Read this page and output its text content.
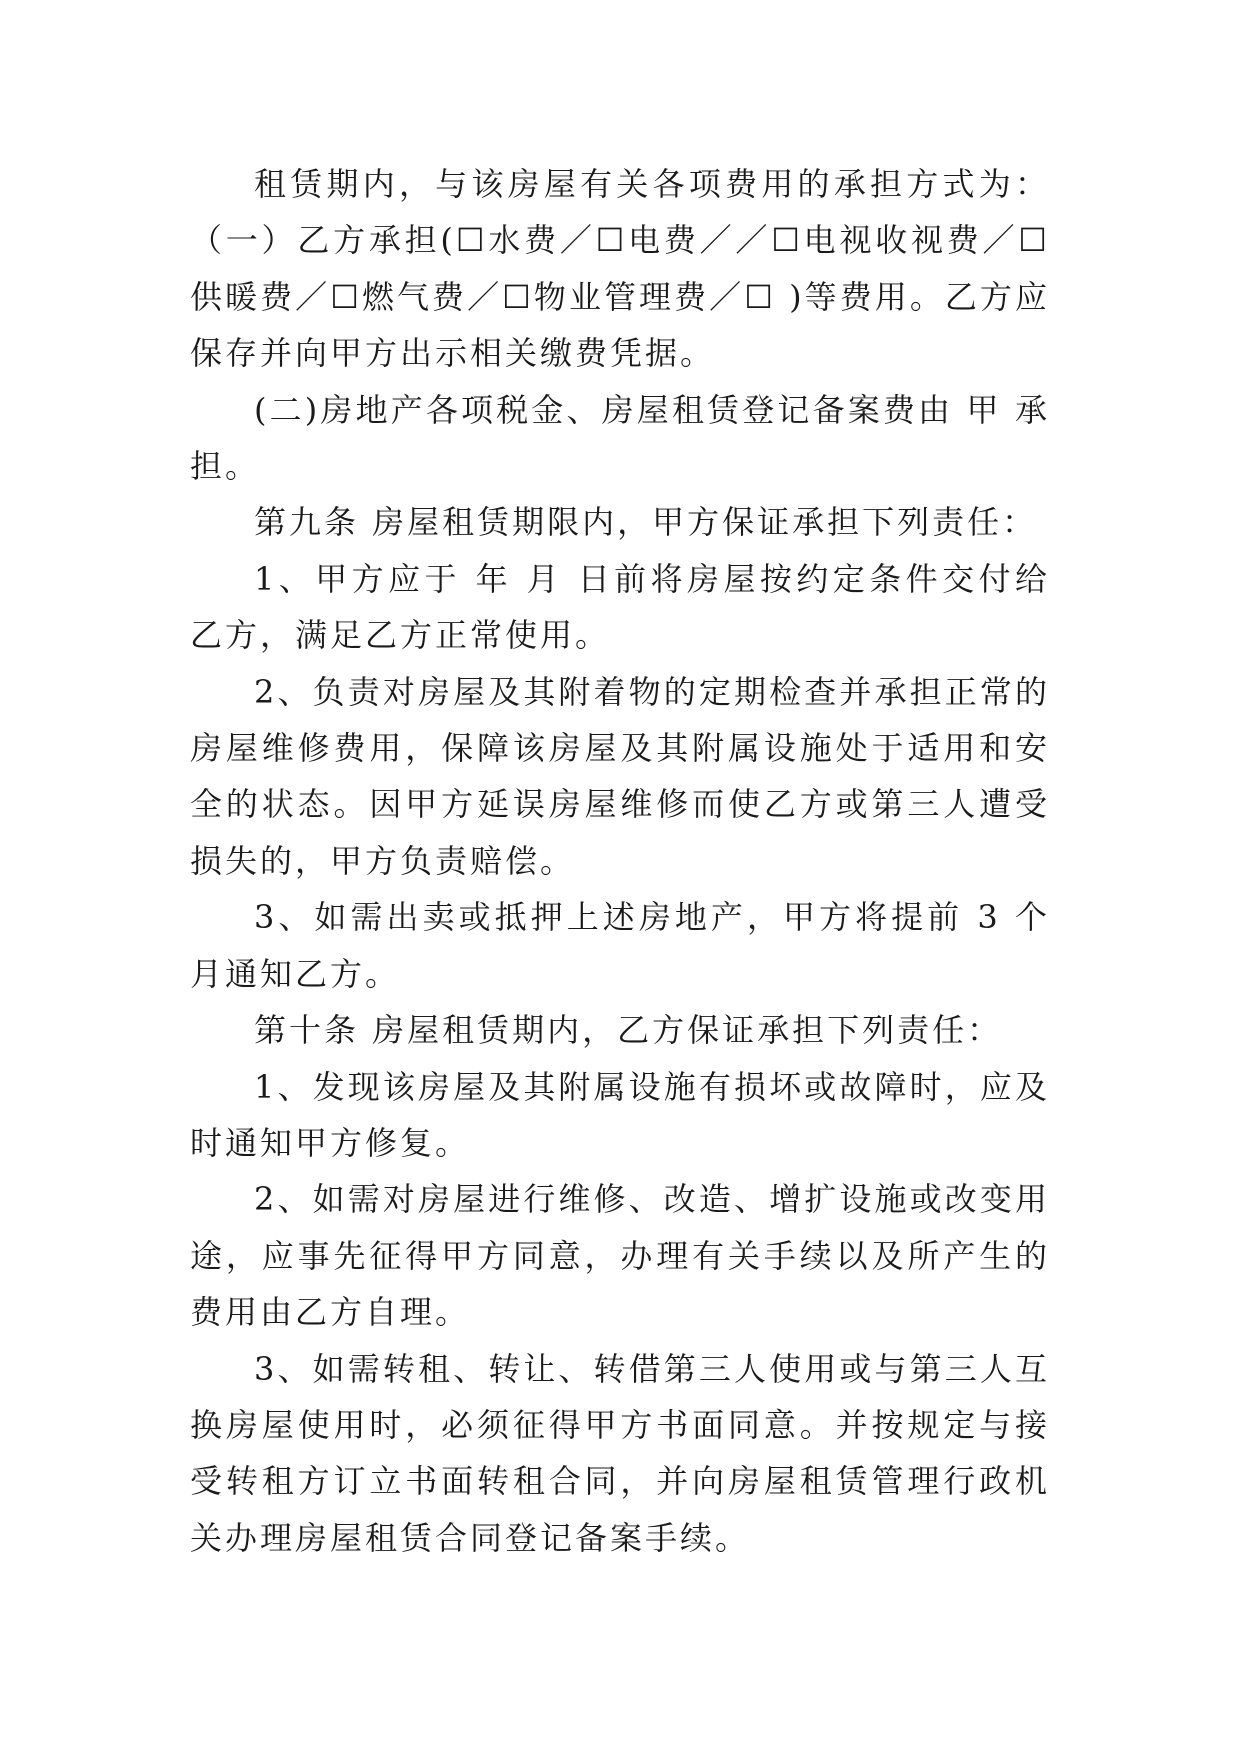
租赁期内，与该房屋有关各项费用的承担方式为：（一）乙方承担(☐水费／☐电费／／☐电视收视费／☐供暖费／☐燃气费／☐物业管理费／☐ )等费用。乙方应保存并向甲方出示相关缴费凭据。

(二)房地产各项税金、房屋租赁登记备案费由 甲 承担。

第九条 房屋租赁期限内，甲方保证承担下列责任：

1、甲方应于 年 月 日前将房屋按约定条件交付给乙方，满足乙方正常使用。

2、负责对房屋及其附着物的定期检查并承担正常的房屋维修费用，保障该房屋及其附属设施处于适用和安全的状态。因甲方延误房屋维修而使乙方或第三人遭受损失的，甲方负责赔偿。

3、如需出卖或抵押上述房地产，甲方将提前 3 个月通知乙方。

第十条 房屋租赁期内，乙方保证承担下列责任：

1、发现该房屋及其附属设施有损坏或故障时，应及时通知甲方修复。

2、如需对房屋进行维修、改造、增扩设施或改变用途，应事先征得甲方同意，办理有关手续以及所产生的费用由乙方自理。

3、如需转租、转让、转借第三人使用或与第三人互换房屋使用时，必须征得甲方书面同意。并按规定与接受转租方订立书面转租合同，并向房屋租赁管理行政机关办理房屋租赁合同登记备案手续。
